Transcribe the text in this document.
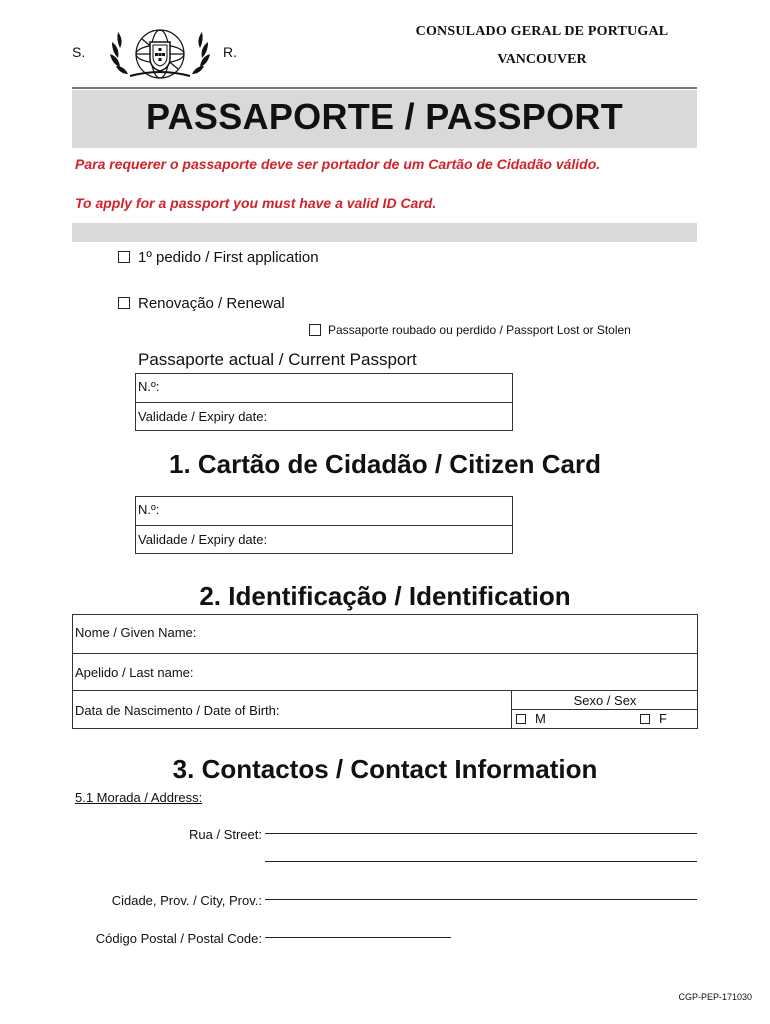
CONSULADO GERAL DE PORTUGAL
VANCOUVER
S.	R.
PASSAPORTE / PASSPORT
Para requerer o passaporte deve ser portador de um Cartão de Cidadão válido.
To apply for a passport you must have a valid ID Card.
1º pedido / First application
Renovação / Renewal
Passaporte roubado ou perdido / Passport Lost or Stolen
Passaporte actual / Current Passport
N.º:
Validade / Expiry date:
1. Cartão de Cidadão / Citizen Card
N.º:
Validade / Expiry date:
2. Identificação / Identification
Nome / Given Name:
Apelido / Last name:
Data de Nascimento / Date of Birth:
Sexo / Sex
M	F
3. Contactos / Contact Information
5.1 Morada / Address:
Rua / Street:
Cidade, Prov. / City, Prov.:
Código Postal / Postal Code:
CGP-PEP-171030
